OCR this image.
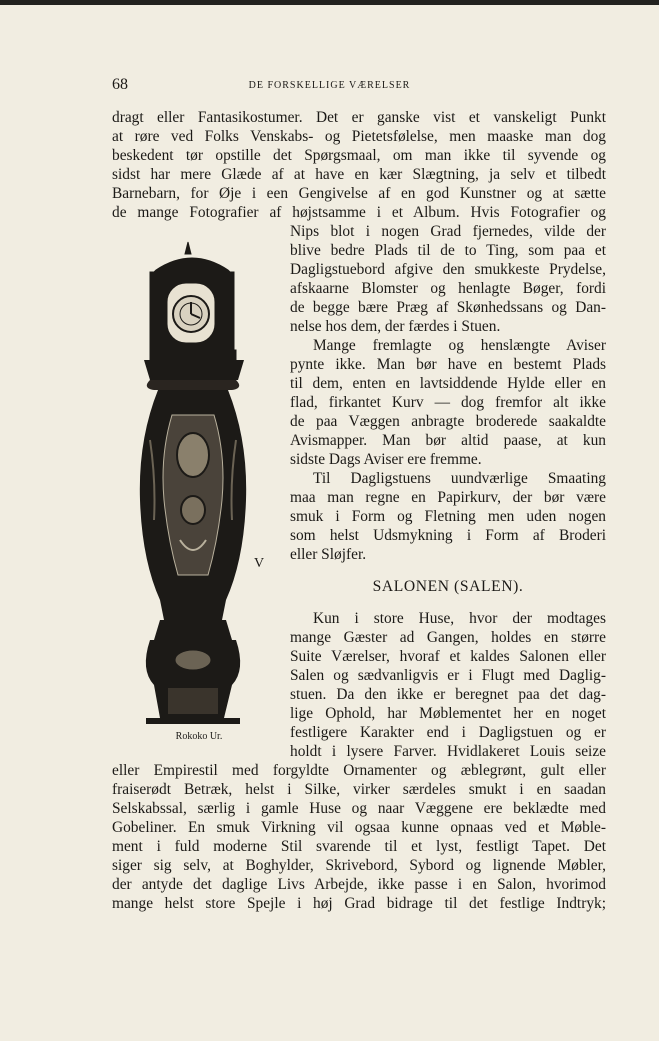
68	DE FORSKELLIGE VÆRELSER
dragt eller Fantasikostumer. Det er ganske vist et vanskeligt Punkt
at røre ved Folks Venskabs- og Pietetsfølelse, men maaske man dog
beskedent tør opstille det Spørgsmaal, om man ikke til syvende og
sidst har mere Glæde af at have en kær Slægtning, ja selv et tilbedt
Barnebarn, for Øje i een Gengivelse af en god Kunstner og at sætte
de mange Fotografier af højstsamme i et Album. Hvis Fotografier og
Nips blot i nogen Grad fjernedes, vilde der
blive bedre Plads til de to Ting, som paa et
Dagligstuebord afgive den smukkeste Prydelse,
afskaarne Blomster og henlagte Bøger, fordi
de begge bære Præg af Skønhedssans og Dan-
nelse hos dem, der færdes i Stuen.
Mange fremlagte og henslængte Aviser
pynte ikke. Man bør have en bestemt Plads
til dem, enten en lavtsiddende Hylde eller en
flad, firkantet Kurv — dog fremfor alt ikke
de paa Væggen anbragte broderede saakaldte
Avismapper. Man bør altid paase, at kun
sidste Dags Aviser ere fremme.
Til Dagligstuens uundværlige Smaating
maa man regne en Papirkurv, der bør være
smuk i Form og Fletning men uden nogen
som helst Udsmykning i Form af Broderi
eller Sløjfer.
SALONEN (SALEN).
Kun i store Huse, hvor der modtages
mange Gæster ad Gangen, holdes en større
Suite Værelser, hvoraf et kaldes Salonen eller
Salen og sædvanligvis er i Flugt med Daglig-
stuen. Da den ikke er beregnet paa det dag-
lige Ophold, har Møblementet her en noget
festligere Karakter end i Dagligstuen og er
holdt i lysere Farver. Hvidlakeret Louis seize
eller Empirestil med forgyldte Ornamenter og æblegrønt, gult eller
fraiserødt Betræk, helst i Silke, virker særdeles smukt i en saadan
Selskabssal, særlig i gamle Huse og naar Væggene ere beklædte med
Gobeliner. En smuk Virkning vil ogsaa kunne opnaas ved et Møble-
ment i fuld moderne Stil svarende til et lyst, festligt Tapet. Det
siger sig selv, at Boghylder, Skrivebord, Sybord og lignende Møbler,
der antyde det daglige Livs Arbejde, ikke passe i en Salon, hvorimod
mange helst store Spejle i høj Grad bidrage til det festlige Indtryk;
V
Rokoko Ur.
